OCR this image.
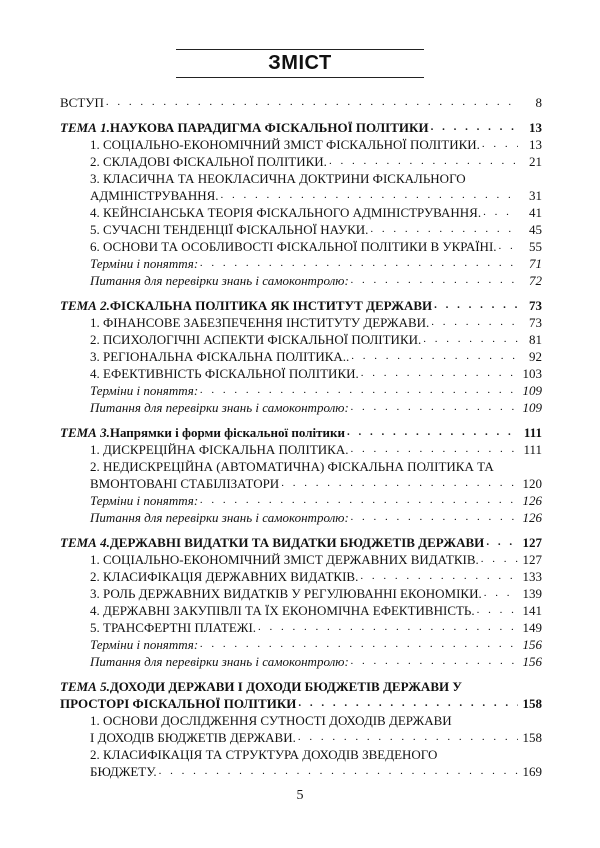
ЗМІСТ
ВСТУП . . .	8
ТЕМА 1. НАУКОВА ПАРАДИГМА ФІСКАЛЬНОЇ ПОЛІТИКИ . . .	13
1. СОЦІАЛЬНО-ЕКОНОМІЧНИЙ ЗМІСТ ФІСКАЛЬНОЇ ПОЛІТИКИ. . . .	13
2. СКЛАДОВІ ФІСКАЛЬНОЇ ПОЛІТИКИ. . . .	21
3. КЛАСИЧНА ТА НЕОКЛАСИЧНА ДОКТРИНИ ФІСКАЛЬНОГО
АДМІНІСТРУВАННЯ. . . .	31
4. КЕЙНСІАНСЬКА ТЕОРІЯ ФІСКАЛЬНОГО АДМІНІСТРУВАННЯ. . . .	41
5. СУЧАСНІ ТЕНДЕНЦІЇ ФІСКАЛЬНОЇ НАУКИ. . . .	45
6. ОСНОВИ ТА ОСОБЛИВОСТІ ФІСКАЛЬНОЇ ПОЛІТИКИ В УКРАЇНІ. . . .	55
Терміни і поняття: . . .	71
Питання для перевірки знань і самоконтролю: . . .	72
ТЕМА 2. ФІСКАЛЬНА ПОЛІТИКА ЯК ІНСТИТУТ ДЕРЖАВИ . . .	73
1. ФІНАНСОВЕ ЗАБЕЗПЕЧЕННЯ ІНСТИТУТУ ДЕРЖАВИ. . . .	73
2. ПСИХОЛОГІЧНІ АСПЕКТИ ФІСКАЛЬНОЇ ПОЛІТИКИ. . . .	81
3. РЕГІОНАЛЬНА ФІСКАЛЬНА ПОЛІТИКА.. . . .	92
4. ЕФЕКТИВНІСТЬ ФІСКАЛЬНОЇ ПОЛІТИКИ. . . .	103
Терміни і поняття: . . .	109
Питання для перевірки знань і самоконтролю: . . .	109
ТЕМА 3. Напрямки і форми фіскальної політики . . .	111
1. ДИСКРЕЦІЙНА ФІСКАЛЬНА ПОЛІТИКА. . . .	111
2. НЕДИСКРЕЦІЙНА (АВТОМАТИЧНА) ФІСКАЛЬНА ПОЛІТИКА ТА
ВМОНТОВАНІ СТАБІЛІЗАТОРИ . . .	120
Терміни і поняття: . . .	126
Питання для перевірки знань і самоконтролю: . . .	126
ТЕМА 4. ДЕРЖАВНІ ВИДАТКИ ТА ВИДАТКИ БЮДЖЕТІВ ДЕРЖАВИ . . .	127
1. СОЦІАЛЬНО-ЕКОНОМІЧНИЙ ЗМІСТ ДЕРЖАВНИХ ВИДАТКІВ. . . .	127
2. КЛАСИФІКАЦІЯ ДЕРЖАВНИХ ВИДАТКІВ. . . .	133
3. РОЛЬ ДЕРЖАВНИХ ВИДАТКІВ У РЕГУЛЮВАННІ ЕКОНОМІКИ. . . .	139
4. ДЕРЖАВНІ ЗАКУПІВЛІ ТА ЇХ ЕКОНОМІЧНА ЕФЕКТИВНІСТЬ. . . .	141
5. ТРАНСФЕРТНІ ПЛАТЕЖІ. . . .	149
Терміни і поняття: . . .	156
Питання для перевірки знань і самоконтролю: . . .	156
ТЕМА 5. ДОХОДИ ДЕРЖАВИ І ДОХОДИ БЮДЖЕТІВ ДЕРЖАВИ У
ПРОСТОРІ ФІСКАЛЬНОЇ ПОЛІТИКИ . . .	158
1. ОСНОВИ ДОСЛІДЖЕННЯ СУТНОСТІ ДОХОДІВ ДЕРЖАВИ
І ДОХОДІВ БЮДЖЕТІВ ДЕРЖАВИ. . . .	158
2. КЛАСИФІКАЦІЯ ТА СТРУКТУРА ДОХОДІВ ЗВЕДЕНОГО
БЮДЖЕТУ. . . .	169
5
